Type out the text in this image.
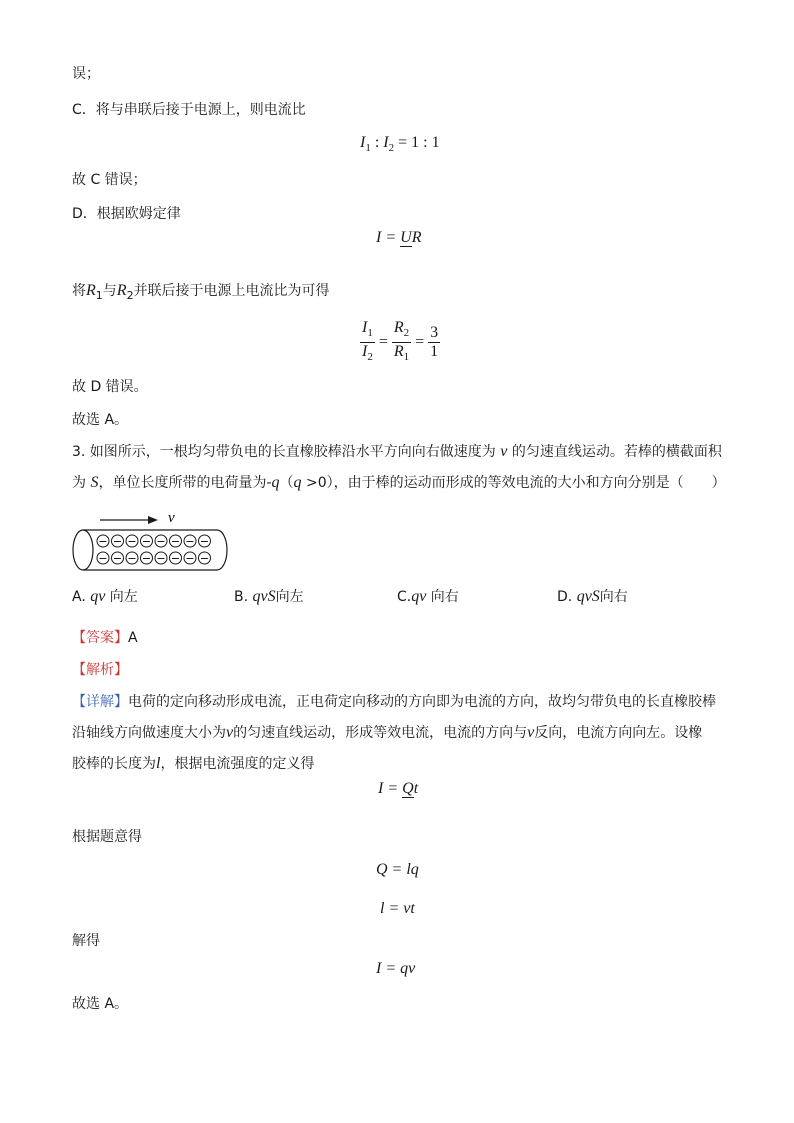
误；
C．将与串联后接于电源上，则电流比
$I_1$ : $I_2 = 1$ : 1
故 C 错误；
D．根据欧姆定律
I = UR
将$R_1$与$R_2$并联后接于电源上电流比为可得
$\frac{I_1}{I_2} = \frac{R_2}{R_1} = \frac{3}{1}$
故 D 错误。
故选 A。
3. 如图所示，一根均匀带负电的长直橡胶棒沿水平方向向右做速度为 v 的匀速直线运动。若棒的横截面积
为 S，单位长度所带的电荷量为-q（q >0），由于棒的运动而形成的等效电流的大小和方向分别是（　　）
v
− − − − − − − −
− − − − − − − −
A. qv 向左	B. qvS向左	C.qv 向右	D. qvS向右
【答案】A
【解析】
【详解】电荷的定向移动形成电流，正电荷定向移动的方向即为电流的方向，故均匀带负电的长直橡胶棒
沿轴线方向做速度大小为v的匀速直线运动，形成等效电流，电流的方向与v反向，电流方向向左。设橡
胶棒的长度为l，根据电流强度的定义得
I = Qt
根据题意得
Q = lq
l = vt
解得
I = qv
故选 A。
